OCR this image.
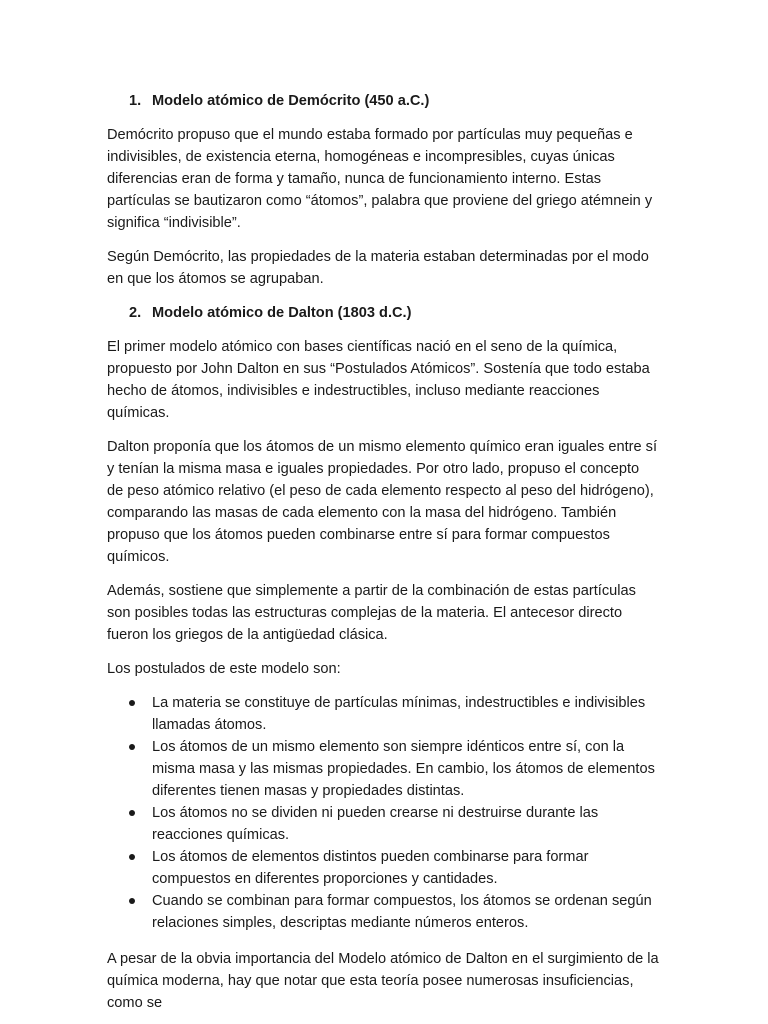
1. Modelo atómico de Demócrito (450 a.C.)

Demócrito propuso que el mundo estaba formado por partículas muy pequeñas e indivisibles, de existencia eterna, homogéneas e incompresibles, cuyas únicas diferencias eran de forma y tamaño, nunca de funcionamiento interno. Estas partículas se bautizaron como “átomos”, palabra que proviene del griego atémnein y significa “indivisible”.

Según Demócrito, las propiedades de la materia estaban determinadas por el modo en que los átomos se agrupaban.

2. Modelo atómico de Dalton (1803 d.C.)

El primer modelo atómico con bases científicas nació en el seno de la química, propuesto por John Dalton en sus “Postulados Atómicos”. Sostenía que todo estaba hecho de átomos, indivisibles e indestructibles, incluso mediante reacciones químicas.

Dalton proponía que los átomos de un mismo elemento químico eran iguales entre sí y tenían la misma masa e iguales propiedades. Por otro lado, propuso el concepto de peso atómico relativo (el peso de cada elemento respecto al peso del hidrógeno), comparando las masas de cada elemento con la masa del hidrógeno. También propuso que los átomos pueden combinarse entre sí para formar compuestos químicos.

Además, sostiene que simplemente a partir de la combinación de estas partículas son posibles todas las estructuras complejas de la materia. El antecesor directo fueron los griegos de la antigüedad clásica.

Los postulados de este modelo son:

La materia se constituye de partículas mínimas, indestructibles e indivisibles llamadas átomos.
Los átomos de un mismo elemento son siempre idénticos entre sí, con la misma masa y las mismas propiedades. En cambio, los átomos de elementos diferentes tienen masas y propiedades distintas.
Los átomos no se dividen ni pueden crearse ni destruirse durante las reacciones químicas.
Los átomos de elementos distintos pueden combinarse para formar compuestos en diferentes proporciones y cantidades.
Cuando se combinan para formar compuestos, los átomos se ordenan según relaciones simples, descriptas mediante números enteros.

A pesar de la obvia importancia del Modelo atómico de Dalton en el surgimiento de la química moderna, hay que notar que esta teoría posee numerosas insuficiencias, como se
